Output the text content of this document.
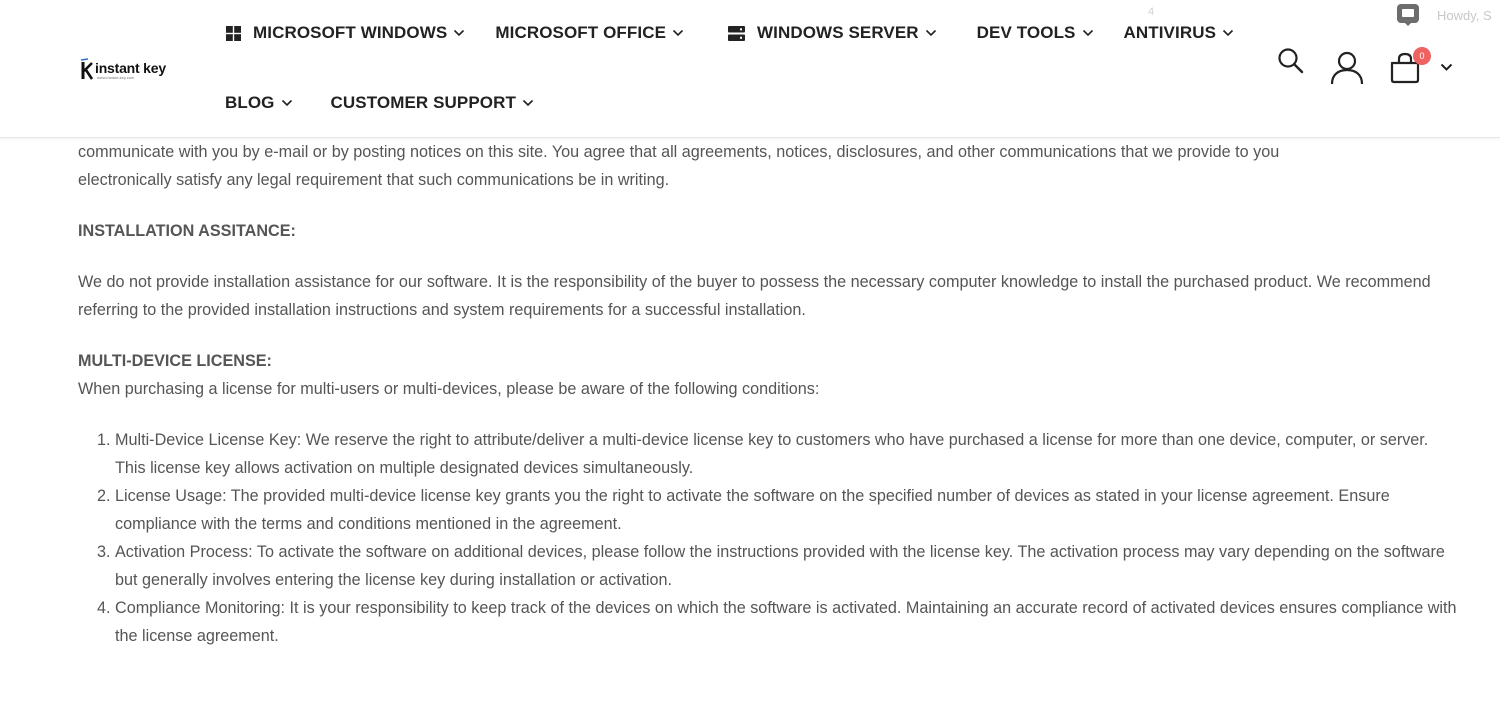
instant key
www.instant-key.com
MICROSOFT WINDOWS	MICROSOFT OFFICE	WINDOWS SERVER	DEV TOOLS	ANTIVIRUS
BLOG	CUSTOMER SUPPORT
4	Howdy, S
0

communicate with you by e-mail or by posting notices on this site. You agree that all agreements, notices, disclosures, and other communications that we provide to you

electronically satisfy any legal requirement that such communications be in writing.

INSTALLATION ASSITANCE:

We do not provide installation assistance for our software. It is the responsibility of the buyer to possess the necessary computer knowledge to install the purchased product. We recommend referring to the provided installation instructions and system requirements for a successful installation.

MULTI-DEVICE LICENSE:

When purchasing a license for multi-users or multi-devices, please be aware of the following conditions:

1. Multi-Device License Key: We reserve the right to attribute/deliver a multi-device license key to customers who have purchased a license for more than one device, computer, or server. This license key allows activation on multiple designated devices simultaneously.
2. License Usage: The provided multi-device license key grants you the right to activate the software on the specified number of devices as stated in your license agreement. Ensure compliance with the terms and conditions mentioned in the agreement.
3. Activation Process: To activate the software on additional devices, please follow the instructions provided with the license key. The activation process may vary depending on the software but generally involves entering the license key during installation or activation.
4. Compliance Monitoring: It is your responsibility to keep track of the devices on which the software is activated. Maintaining an accurate record of activated devices ensures compliance with the license agreement.
